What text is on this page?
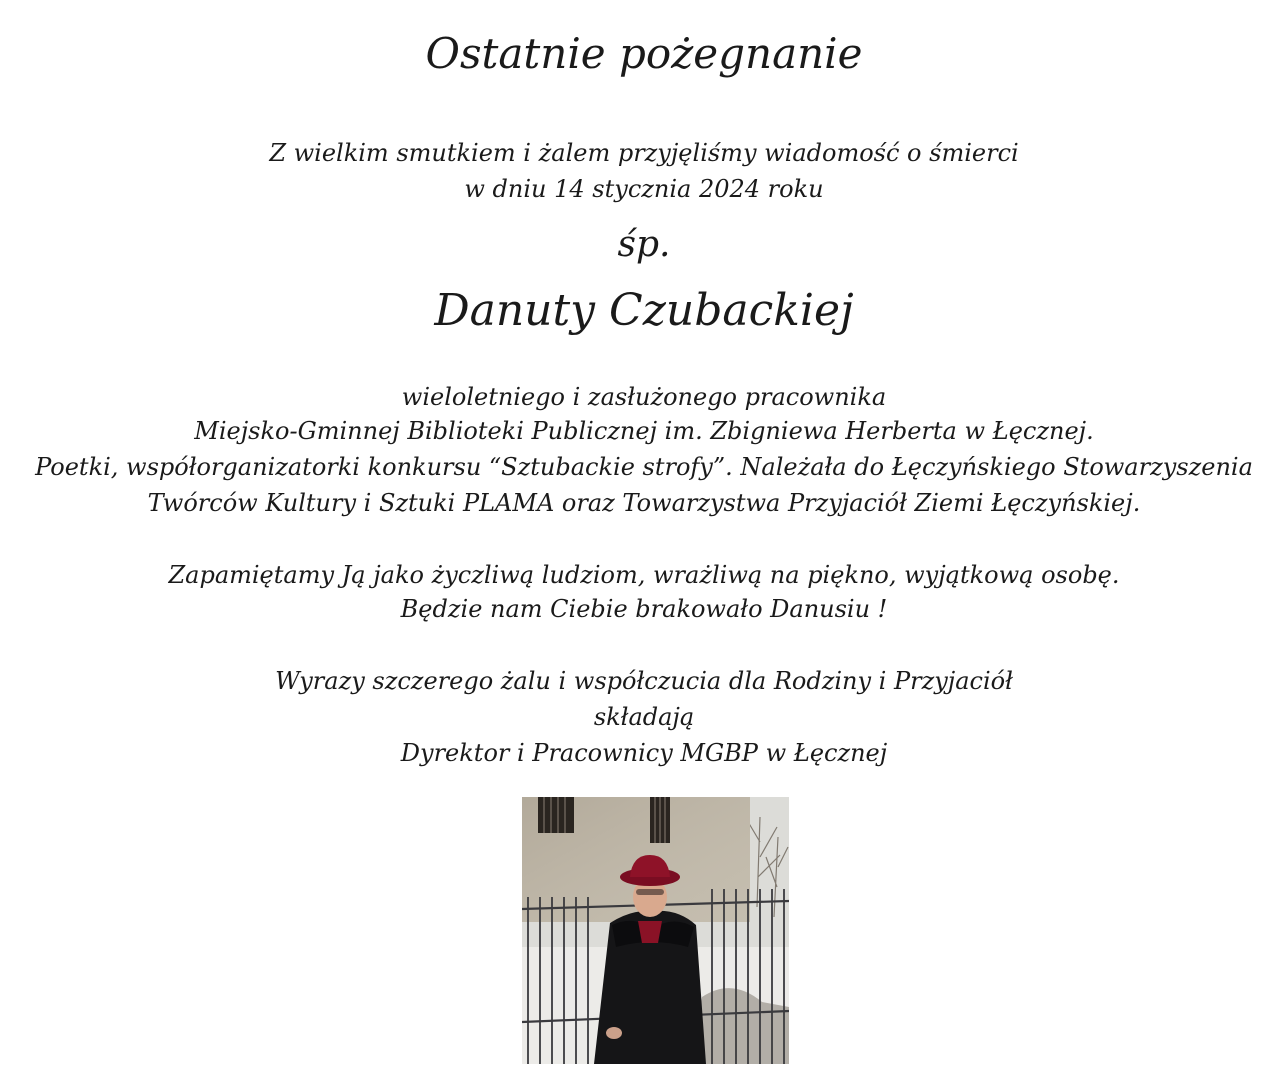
Ostatnie pożegnanie
Z wielkim smutkiem i żalem przyjęliśmy wiadomość o śmierci
w dniu 14 stycznia 2024 roku
śp.
Danuty Czubackiej
wieloletniego i zasłużonego pracownika
Miejsko-Gminnej Biblioteki Publicznej im. Zbigniewa Herberta w Łęcznej.
Poetki, współorganizatorki konkursu “Sztubackie strofy”. Należała do Łęczyńskiego Stowarzyszenia
Twórców Kultury i Sztuki PLAMA oraz Towarzystwa Przyjaciół Ziemi Łęczyńskiej.
Zapamiętamy Ją jako życzliwą ludziom, wrażliwą na piękno, wyjątkową osobę.
Będzie nam Ciebie brakowało Danusiu !
Wyrazy szczerego żalu i współczucia dla Rodziny i Przyjaciół
składają
Dyrektor i Pracownicy MGBP w Łęcznej
